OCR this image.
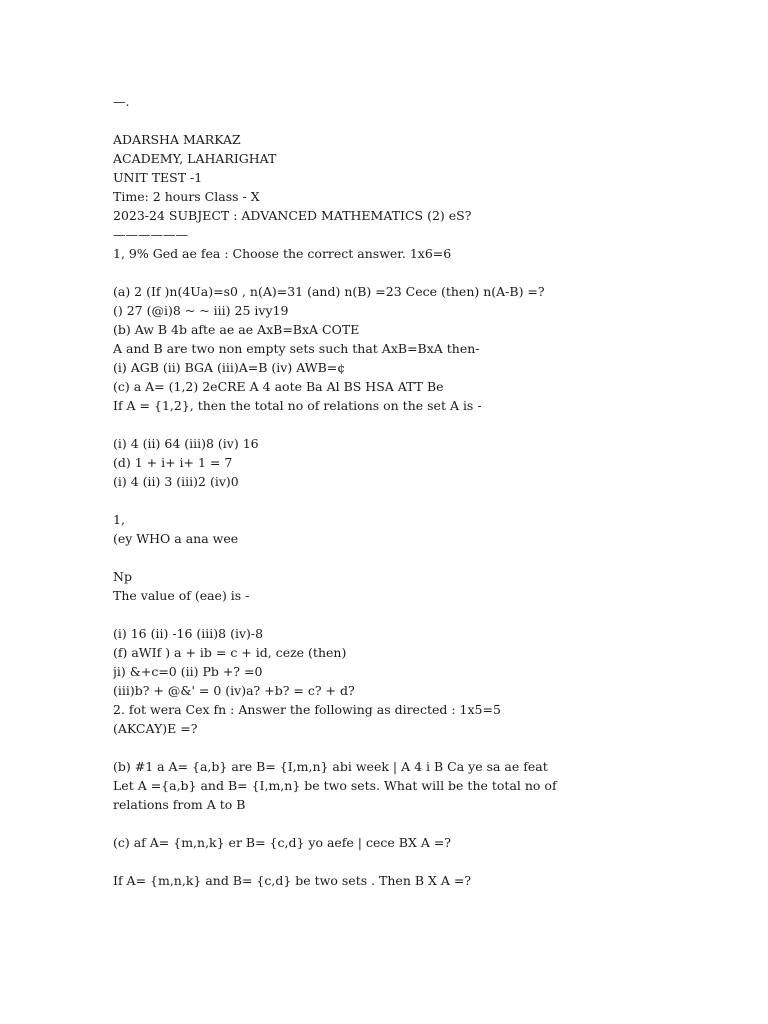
—.
ADARSHA MARKAZ
ACADEMY, LAHARIGHAT
UNIT TEST -1
Time: 2 hours Class - X
2023-24 SUBJECT : ADVANCED MATHEMATICS (2) eS?
——————
1, 9% Ged ae fea : Choose the correct answer. 1x6=6
(a) 2 (If )n(4Ua)=s0 , n(A)=31 (and) n(B) =23 Cece (then) n(A-B) =?
() 27 (@i)8 ~ ~ iii) 25 ivy19
(b) Aw B 4b afte ae ae AxB=BxA COTE
A and B are two non empty sets such that AxB=BxA then-
(i) AGB (ii) BGA (iii)A=B (iv) AWB=¢
(c) a A= (1,2) 2eCRE A 4 aote Ba Al BS HSA ATT Be
If A = {1,2}, then the total no of relations on the set A is -
(i) 4 (ii) 64 (iii)8 (iv) 16
(d) 1 + i+ i+ 1 = 7
(i) 4 (ii) 3 (iii)2 (iv)0
1,
(ey WHO a ana wee
Np
The value of (eae) is -
(i) 16 (ii) -16 (iii)8 (iv)-8
(f) aWIf ) a + ib = c + id, ceze (then)
ji) &+c=0 (ii) Pb +? =0
(iii)b? + @&' = 0 (iv)a? +b? = c? + d?
2. fot wera Cex fn : Answer the following as directed : 1x5=5
(AKCAY)E =?
(b) #1 a A= {a,b} are B= {I,m,n} abi week | A 4 i B Ca ye sa ae feat
Let A ={a,b} and B= {I,m,n} be two sets. What will be the total no of
relations from A to B
(c) af A= {m,n,k} er B= {c,d} yo aefe | cece BX A =?
If A= {m,n,k} and B= {c,d} be two sets . Then B X A =?
